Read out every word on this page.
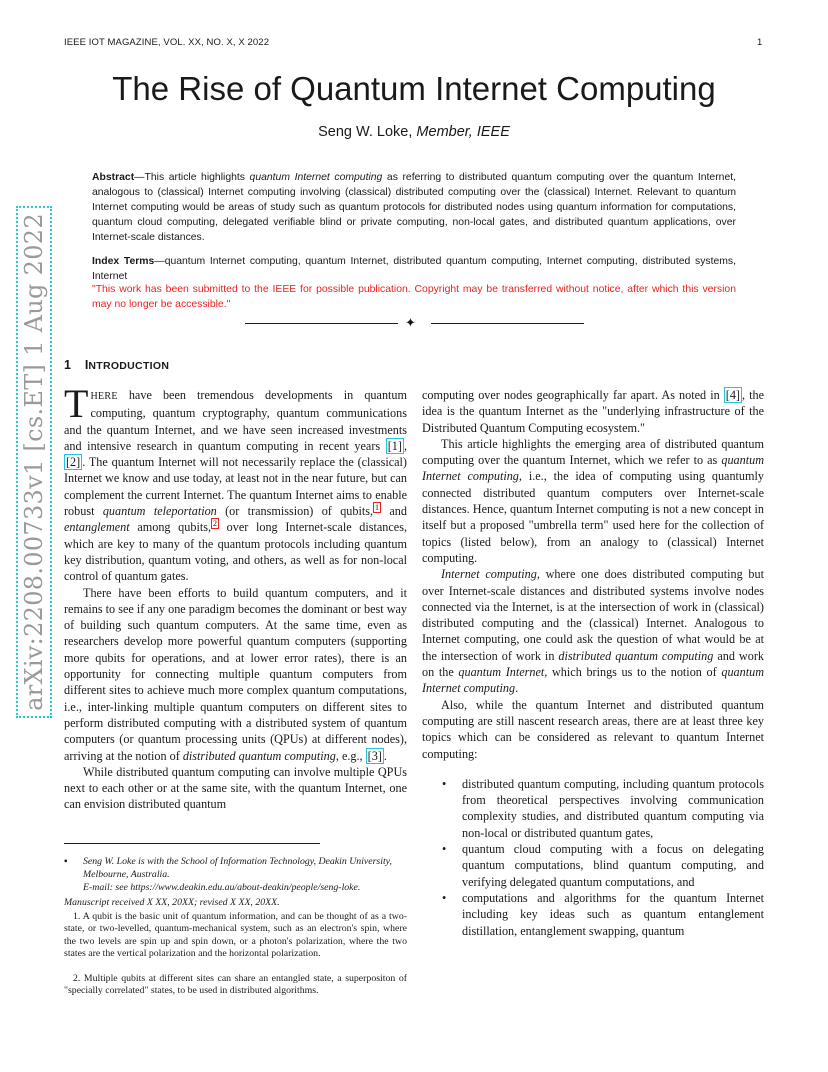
IEEE IOT MAGAZINE, VOL. XX, NO. X, X 2022	1
arXiv:2208.00733v1 [cs.ET] 1 Aug 2022
The Rise of Quantum Internet Computing
Seng W. Loke, Member, IEEE
Abstract—This article highlights quantum Internet computing as referring to distributed quantum computing over the quantum Internet, analogous to (classical) Internet computing involving (classical) distributed computing over the (classical) Internet. Relevant to quantum Internet computing would be areas of study such as quantum protocols for distributed nodes using quantum information for computations, quantum cloud computing, delegated verifiable blind or private computing, non-local gates, and distributed quantum applications, over Internet-scale distances.
Index Terms—quantum Internet computing, quantum Internet, distributed quantum computing, Internet computing, distributed systems, Internet
"This work has been submitted to the IEEE for possible publication. Copyright may be transferred without notice, after which this version may no longer be accessible."
✦
1 INTRODUCTION

THERE have been tremendous developments in quantum computing, quantum cryptography, quantum communications and the quantum Internet, and we have seen increased investments and intensive research in quantum computing in recent years [1] , [2] . The quantum Internet will not necessarily replace the (classical) Internet we know and use today, at least not in the near future, but can complement the current Internet. The quantum Internet aims to enable robust quantum teleportation (or transmission) of qubits, $^1$ and entanglement among qubits, $^2$ over long Internet-scale distances, which are key to many of the quantum protocols including quantum key distribution, quantum voting, and others, as well as for non-local control of quantum gates.

There have been efforts to build quantum computers, and it remains to see if any one paradigm becomes the dominant or best way of building such quantum computers. At the same time, even as researchers develop more powerful quantum computers (supporting more qubits for operations, and at lower error rates), there is an opportunity for connecting multiple quantum computers from different sites to achieve much more complex quantum computations, i.e., inter-linking multiple quantum computers on different sites to perform distributed computing with a distributed system of quantum computers (or quantum processing units (QPUs) at different nodes), arriving at the notion of distributed quantum computing, e.g., [3] .

While distributed quantum computing can involve multiple QPUs next to each other or at the same site, with the quantum Internet, one can envision distributed quantum

▪ Seng W. Loke is with the School of Information Technology, Deakin University, Melbourne, Australia.
E-mail: see https://www.deakin.edu.au/about-deakin/people/seng-loke.
Manuscript received X XX, 20XX; revised X XX, 20XX.
1. A qubit is the basic unit of quantum information, and can be thought of as a two-state, or two-levelled, quantum-mechanical system, such as an electron's spin, where the two levels are spin up and spin down, or a photon's polarization, where the two states are the vertical polarization and the horizontal polarization.
2. Multiple qubits at different sites can share an entangled state, a superpositon of "specially correlated" states, to be used in distributed algorithms.

computing over nodes geographically far apart. As noted in [4] , the idea is the quantum Internet as the "underlying infrastructure of the Distributed Quantum Computing ecosystem."

This article highlights the emerging area of distributed quantum computing over the quantum Internet, which we refer to as quantum Internet computing, i.e., the idea of computing using quantumly connected distributed quantum computers over Internet-scale distances. Hence, quantum Internet computing is not a new concept in itself but a proposed "umbrella term" used here for the collection of topics (listed below), from an analogy to (classical) Internet computing.

Internet computing, where one does distributed computing but over Internet-scale distances and distributed systems involve nodes connected via the Internet, is at the intersection of work in (classical) distributed computing and the (classical) Internet. Analogous to Internet computing, one could ask the question of what would be at the intersection of work in distributed quantum computing and work on the quantum Internet, which brings us to the notion of quantum Internet computing.

Also, while the quantum Internet and distributed quantum computing are still nascent research areas, there are at least three key topics which can be considered as relevant to quantum Internet computing:

• distributed quantum computing, including quantum protocols from theoretical perspectives involving communication complexity studies, and distributed quantum computing via non-local or distributed quantum gates,
• quantum cloud computing with a focus on delegating quantum computations, blind quantum computing, and verifying delegated quantum computations, and
• computations and algorithms for the quantum Internet including key ideas such as quantum entanglement distillation, entanglement swapping, quantum
